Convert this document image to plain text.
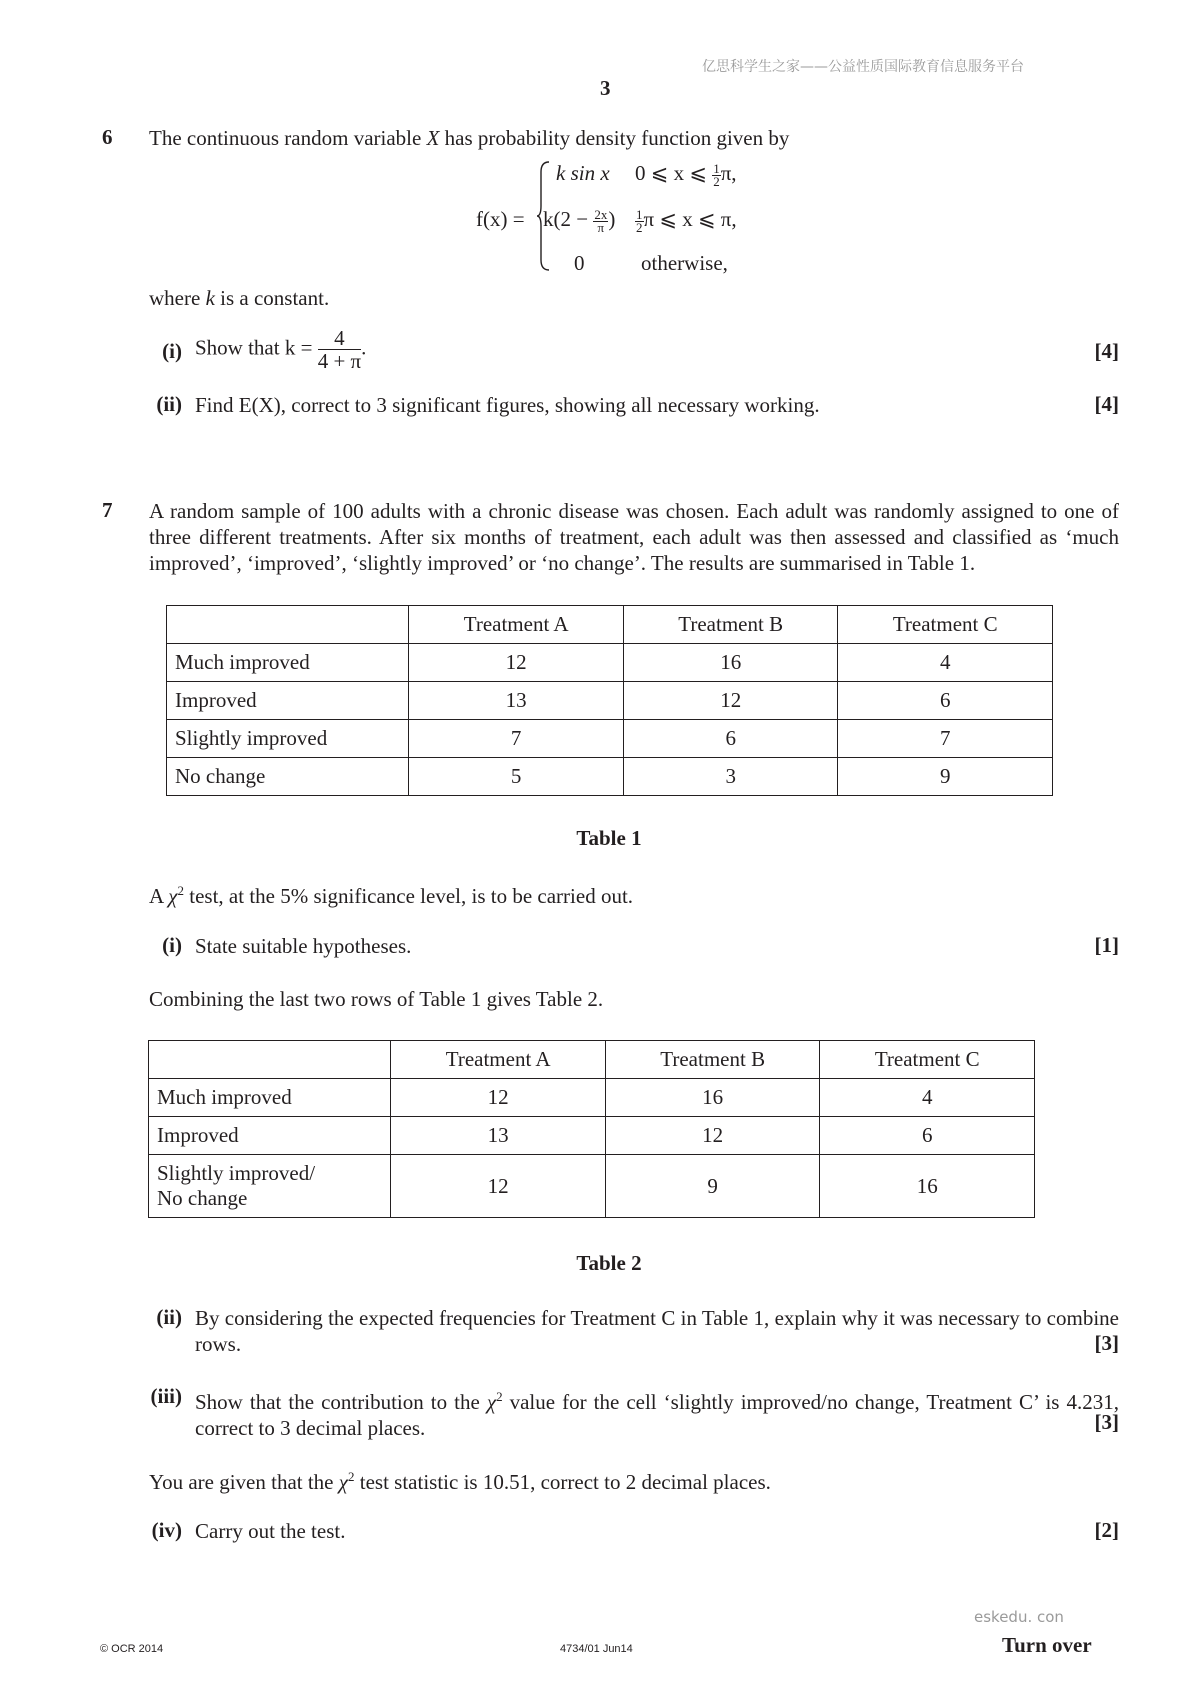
亿思科学生之家——公益性质国际教育信息服务平台
3
6 The continuous random variable X has probability density function given by
f(x) =
k sin x 0 ⩽ x ⩽ $\frac{1}{2} \pi$,
$k(2 - \frac{2x}{\pi}$ ) $\frac{1}{2}$ π ⩽ x ⩽ π,
0	otherwise,
where k is a constant.
(i) Show that $k = \frac{4}{4 + \pi}$ .	[4]
(ii) Find E(X), correct to 3 significant figures, showing all necessary working.	[4]
7 A random sample of 100 adults with a chronic disease was chosen. Each adult was randomly assigned to one of three different treatments. After six months of treatment, each adult was then assessed and classified as ‘much improved’, ‘improved’, ‘slightly improved’ or ‘no change’. The results are summarised in Table 1.
	Treatment A	Treatment B	Treatment C
Much improved	12	16	4
Improved	13	12	6
Slightly improved	7	6	7
No change	5	3	9
Table 1
A $\chi^2$ test, at the 5% significance level, is to be carried out.
(i) State suitable hypotheses.	[1]
Combining the last two rows of Table 1 gives Table 2.
	Treatment A	Treatment B	Treatment C
Much improved	12	16	4
Improved	13	12	6
Slightly improved/
No change	12	9	16
Table 2
(ii) By considering the expected frequencies for Treatment C in Table 1, explain why it was necessary to combine rows.	[3]
(iii) Show that the contribution to the $\chi^2$ value for the cell ‘slightly improved/no change, Treatment C’ is 4.231, correct to 3 decimal places.	[3]
You are given that the $\chi^2$ test statistic is 10.51, correct to 2 decimal places.
(iv) Carry out the test.	[2]
eskedu. con
© OCR 2014	4734/01 Jun14	Turn over
